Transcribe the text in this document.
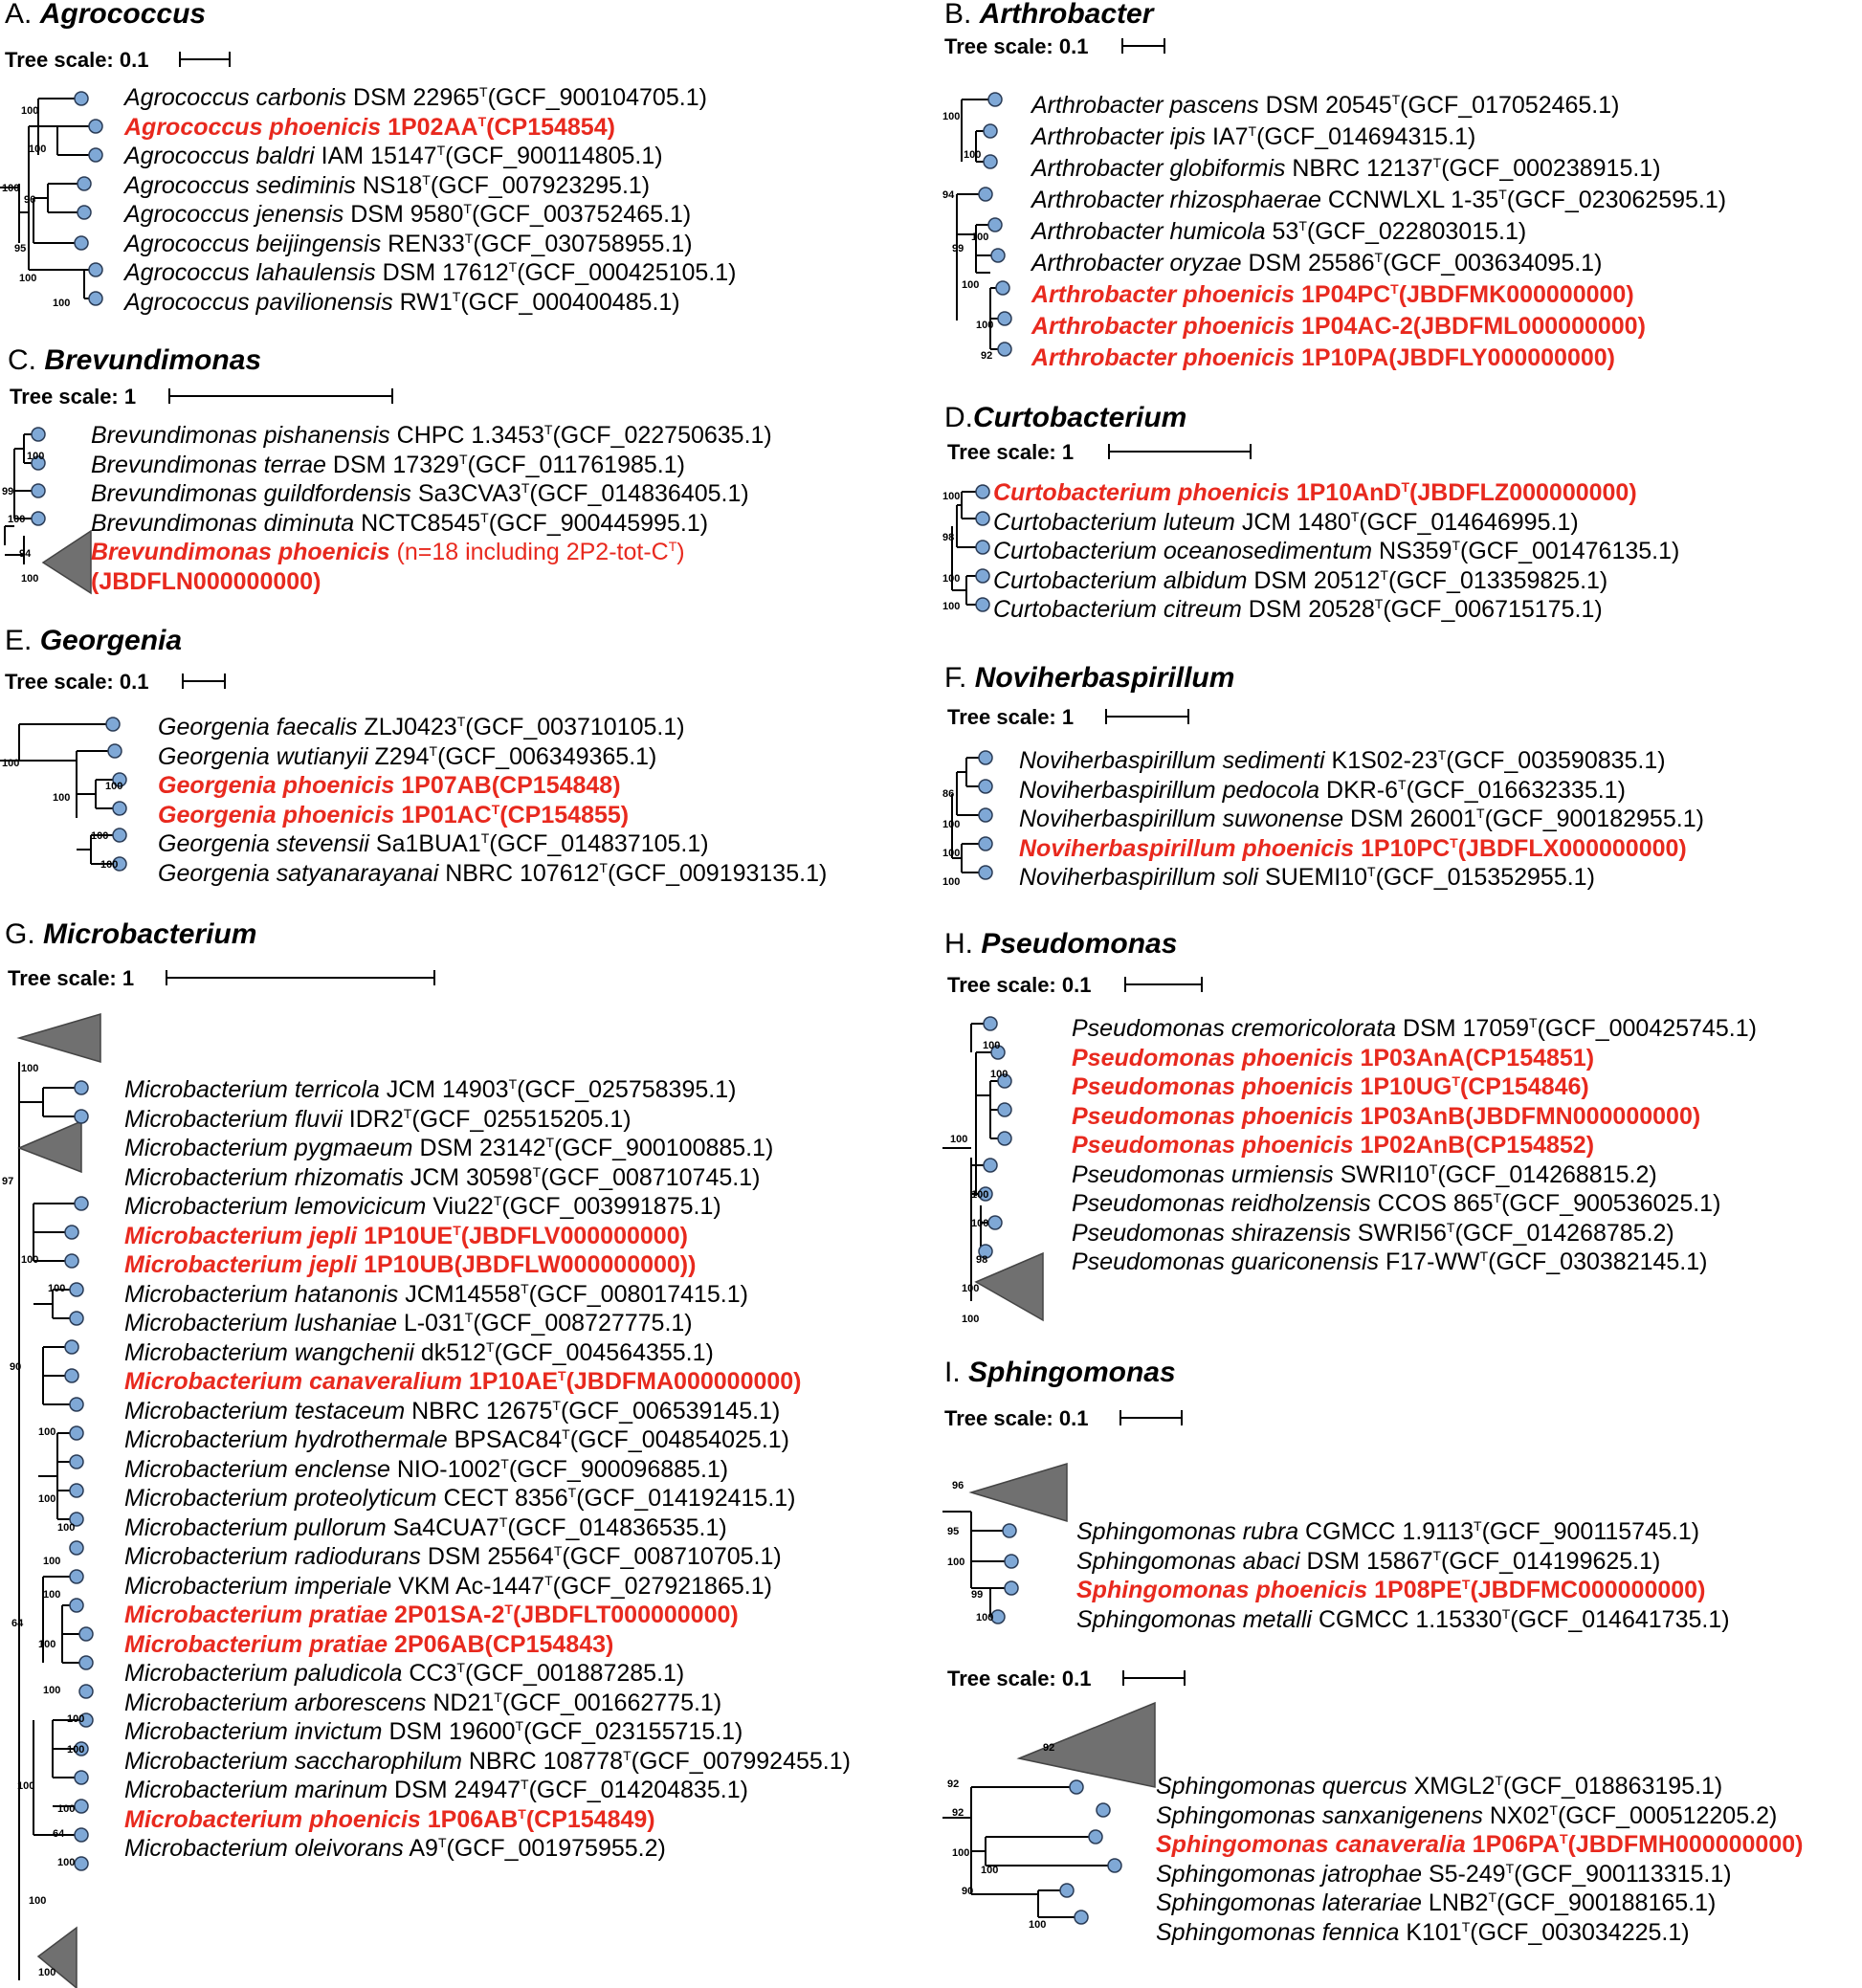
A. Agrococcus
Tree scale: 0.1
100
100
100
96
95
100
100
Agrococcus carbonis DSM $22965^T(GCF\_900104705.1)$
Agrococcus phoenicis $1P02AA^T(CP154854)$
Agrococcus baldri IAM $15147^T(GCF\_900114805.1)$
Agrococcus sediminis $NS18^T(GCF\_007923295.1)$
Agrococcus jenensis DSM $9580^T(GCF\_003752465.1)$
Agrococcus beijingensis $REN33^T(GCF\_030758955.1)$
Agrococcus lahaulensis DSM $17612^T(GCF\_000425105.1)$
Agrococcus pavilionensis $RW1^T(GCF\_000400485.1)$
B. Arthrobacter
Tree scale: 0.1
100
100
94
100
99
100
100
92
Arthrobacter pascens DSM $20545^T(GCF\_017052465.1)$
Arthrobacter ipis $IA7^T(GCF\_014694315.1)$
Arthrobacter globiformis NBRC $12137^T(GCF\_000238915.1)$
Arthrobacter rhizosphaerae CCNWLXL $1-35^T(GCF\_023062595.1)$
Arthrobacter humicola $53^T(GCF\_022803015.1)$
Arthrobacter oryzae DSM $25586^T(GCF\_003634095.1)$
Arthrobacter phoenicis $1P04PC^T(JBDFMK000000000)$
Arthrobacter phoenicis 1P04AC-2(JBDFML000000000)
Arthrobacter phoenicis 1P10PA(JBDFLY000000000)
C. Brevundimonas
Tree scale: 1
100
99
100
94
100
Brevundimonas pishanensis CHPC $1.3453^T(GCF\_022750635.1)$
Brevundimonas terrae DSM $17329^T(GCF\_011761985.1)$
Brevundimonas guildfordensis $Sa3CVA3^T(GCF\_014836405.1)$
Brevundimonas diminuta $NCTC8545^T(GCF\_900445995.1)$
Brevundimonas phoenicis (n=18 including $2P2-tot-C^T$)
(JBDFLN000000000)
D.Curtobacterium
Tree scale: 1
100
98
100
100
Curtobacterium phoenicis 1P10AnD$^T$(JBDFLZ000000000)
Curtobacterium luteum JCM $1480^T(GCF\_014646995.1)$
Curtobacterium oceanosedimentum $NS359^T(GCF\_001476135.1)$
Curtobacterium albidum DSM $20512^T(GCF\_013359825.1)$
Curtobacterium citreum DSM $20528^T(GCF\_006715175.1)$
E. Georgenia
Tree scale: 0.1
100
100
100
100
100
Georgenia faecalis $ZLJ0423^T(GCF\_003710105.1)$
Georgenia wutianyii $Z294^T(GCF\_006349365.1)$
Georgenia phoenicis 1P07AB(CP154848)
Georgenia phoenicis $1P01AC^T(CP154855)$
Georgenia stevensii $Sa1BUA1^T(GCF\_014837105.1)$
Georgenia satyanarayanai NBRC $107612^T(GCF\_009193135.1)$
F. Noviherbaspirillum
Tree scale: 1
86
100
100
100
Noviherbaspirillum sedimenti $K1S02-23^T(GCF\_003590835.1)$
Noviherbaspirillum pedocola DKR-$6^T(GCF\_016632335.1)$
Noviherbaspirillum suwonense DSM $26001^T(GCF\_900182955.1)$
Noviherbaspirillum phoenicis $1P10PC^T(JBDFLX000000000)$
Noviherbaspirillum soli $SUEMI10^T(GCF\_015352955.1)$
G. Microbacterium
Tree scale: 1
100
97
100
100
90
100
100
100
100
100
64
100
100
100
100
100
100
64
100
100
100
Microbacterium terricola JCM $14903^T(GCF\_025758395.1)$
Microbacterium fluvii $IDR2^T(GCF\_025515205.1)$
Microbacterium pygmaeum DSM $23142^T(GCF\_900100885.1)$
Microbacterium rhizomatis JCM $30598^T(GCF\_008710745.1)$
Microbacterium lemovicicum $Viu22^T(GCF\_003991875.1)$
Microbacterium jepli $1P10UE^T(JBDFLV000000000)$
Microbacterium jepli 1P10UB(JBDFLW000000000))
Microbacterium hatanonis $JCM14558^T(GCF\_008017415.1)$
Microbacterium lushaniae $L-031^T(GCF\_008727775.1)$
Microbacterium wangchenii $dk512^T(GCF\_004564355.1)$
Microbacterium canaveralium $1P10AE^T(JBDFMA000000000)$
Microbacterium testaceum NBRC $12675^T(GCF\_006539145.1)$
Microbacterium hydrothermale $BPSAC84^T(GCF\_004854025.1)$
Microbacterium enclense NIO-$1002^T(GCF\_900096885.1)$
Microbacterium proteolyticum CECT $8356^T(GCF\_014192415.1)$
Microbacterium pullorum $Sa4CUA7^T(GCF\_014836535.1)$
Microbacterium radiodurans DSM $25564^T(GCF\_008710705.1)$
Microbacterium imperiale VKM $Ac-1447^T(GCF\_027921865.1)$
Microbacterium pratiae $2P01SA-2^T(JBDFLT000000000)$
Microbacterium pratiae 2P06AB(CP154843)
Microbacterium paludicola $CC3^T(GCF\_001887285.1)$
Microbacterium arborescens $ND21^T(GCF\_001662775.1)$
Microbacterium invictum DSM $19600^T(GCF\_023155715.1)$
Microbacterium saccharophilum NBRC $108778^T(GCF\_007992455.1)$
Microbacterium marinum DSM $24947^T(GCF\_014204835.1)$
Microbacterium phoenicis $1P06AB^T(CP154849)$
Microbacterium oleivorans $A9^T(GCF\_001975955.2)$
H. Pseudomonas
Tree scale: 0.1
100
100
100
100
100
98
100
100
Pseudomonas cremoricolorata DSM $17059^T(GCF\_000425745.1)$
Pseudomonas phoenicis 1P03AnA(CP154851)
Pseudomonas phoenicis $1P10UG^T(CP154846)$
Pseudomonas phoenicis 1P03AnB(JBDFMN000000000)
Pseudomonas phoenicis 1P02AnB(CP154852)
Pseudomonas urmiensis $SWRI10^T(GCF\_014268815.2)$
Pseudomonas reidholzensis CCOS $865^T(GCF\_900536025.1)$
Pseudomonas shirazensis $SWRI56^T(GCF\_014268785.2)$
Pseudomonas guariconensis $F17-WW^T(GCF\_030382145.1)$
I. Sphingomonas
Tree scale: 0.1
96
95
100
99
100
Sphingomonas rubra CGMCC $1.9113^T(GCF\_900115745.1)$
Sphingomonas abaci DSM $15867^T(GCF\_014199625.1)$
Sphingomonas phoenicis $1P08PE^T(JBDFMC000000000)$
Sphingomonas metalli CGMCC $1.15330^T(GCF\_014641735.1)$
Tree scale: 0.1
92
92
92
100
100
90
100
Sphingomonas quercus $XMGL2^T(GCF\_018863195.1)$
Sphingomonas sanxanigenens $NX02^T(GCF\_000512205.2)$
Sphingomonas canaveralia $1P06PA^T(JBDFMH000000000)$
Sphingomonas jatrophae $S5-249^T(GCF\_900113315.1)$
Sphingomonas laterariae $LNB2^T(GCF\_900188165.1)$
Sphingomonas fennica $K101^T(GCF\_003034225.1)$
